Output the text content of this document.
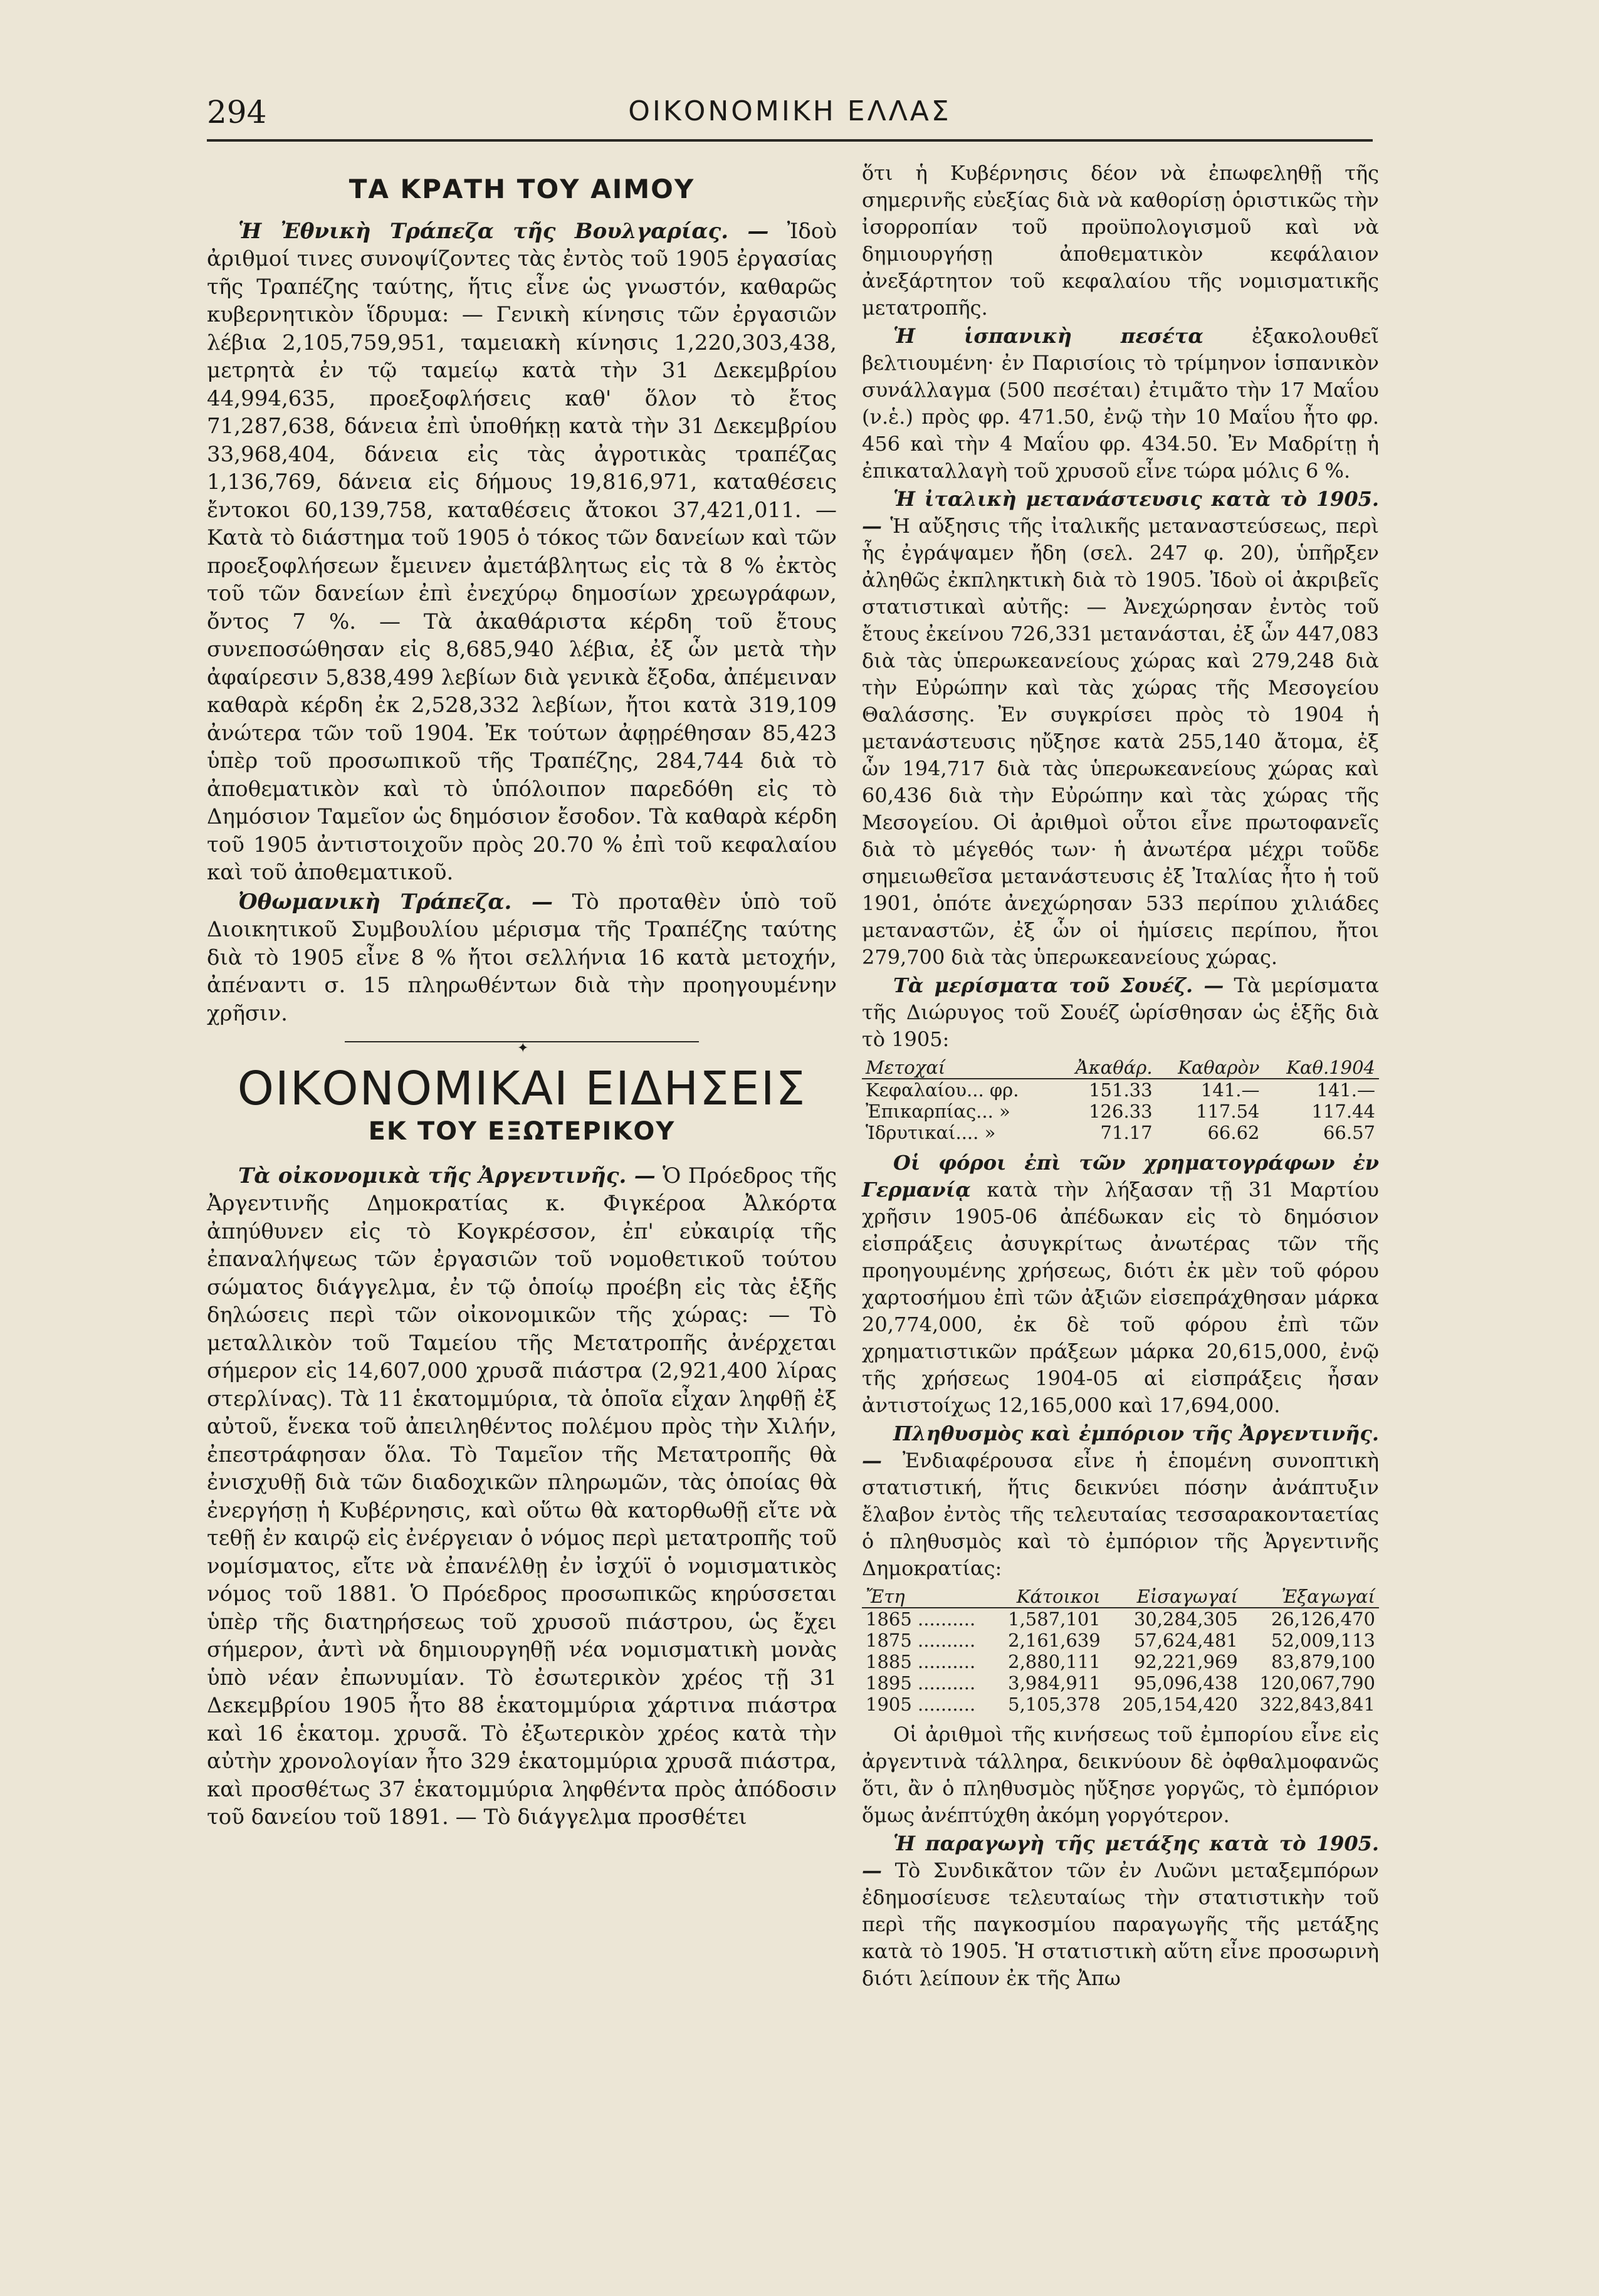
294	ΟΙΚΟΝΟΜΙΚΗ ΕΛΛΑΣ
ΤΑ ΚΡΑΤΗ ΤΟΥ ΑΙΜΟΥ

Ἡ Ἐθνικὴ Τράπεζα τῆς Βουλγαρίας. — Ἰδοὺ ἀριθμοί τινες συνοψίζοντες τὰς ἐντὸς τοῦ 1905 ἐργασίας τῆς Τραπέζης ταύτης, ἥτις εἶνε ὡς γνωστόν, καθαρῶς κυβερνητικὸν ἵδρυμα: — Γενικὴ κίνησις τῶν ἐργασιῶν λέβια 2,105,759,951, ταμειακὴ κίνησις 1,220,303,438, μετρητὰ ἐν τῷ ταμείῳ κατὰ τὴν 31 Δεκεμβρίου 44,994,635, προεξοφλήσεις καθ' ὅλον τὸ ἔτος 71,287,638, δάνεια ἐπὶ ὑποθήκῃ κατὰ τὴν 31 Δεκεμβρίου 33,968,404, δάνεια εἰς τὰς ἀγροτικὰς τραπέζας 1,136,769, δάνεια εἰς δήμους 19,816,971, καταθέσεις ἔντοκοι 60,139,758, καταθέσεις ἄτοκοι 37,421,011. — Κατὰ τὸ διάστημα τοῦ 1905 ὁ τόκος τῶν δανείων καὶ τῶν προεξοφλήσεων ἔμεινεν ἀμετάβλητως εἰς τὰ 8 % ἐκτὸς τοῦ τῶν δανείων ἐπὶ ἐνεχύρῳ δημοσίων χρεωγράφων, ὄντος 7 %. — Τὰ ἀκαθάριστα κέρδη τοῦ ἔτους συνεποσώθησαν εἰς 8,685,940 λέβια, ἐξ ὧν μετὰ τὴν ἀφαίρεσιν 5,838,499 λεβίων διὰ γενικὰ ἔξοδα, ἀπέμειναν καθαρὰ κέρδη ἐκ 2,528,332 λεβίων, ἤτοι κατὰ 319,109 ἀνώτερα τῶν τοῦ 1904. Ἐκ τούτων ἀφῃρέθησαν 85,423 ὑπὲρ τοῦ προσωπικοῦ τῆς Τραπέζης, 284,744 διὰ τὸ ἀποθεματικὸν καὶ τὸ ὑπόλοιπον παρεδόθη εἰς τὸ Δημόσιον Ταμεῖον ὡς δημόσιον ἔσοδον. Τὰ καθαρὰ κέρδη τοῦ 1905 ἀντιστοιχοῦν πρὸς 20.70 % ἐπὶ τοῦ κεφαλαίου καὶ τοῦ ἀποθεματικοῦ.

Ὀθωμανικὴ Τράπεζα. — Τὸ προταθὲν ὑπὸ τοῦ Διοικητικοῦ Συμβουλίου μέρισμα τῆς Τραπέζης ταύτης διὰ τὸ 1905 εἶνε 8 % ἤτοι σελλήνια 16 κατὰ μετοχήν, ἀπέναντι σ. 15 πληρωθέντων διὰ τὴν προηγουμένην χρῆσιν.

✦
ΟΙΚΟΝΟΜΙΚΑΙ ΕΙΔΗΣΕΙΣ
ΕΚ ΤΟΥ ΕΞΩΤΕΡΙΚΟΥ

Τὰ οἰκονομικὰ τῆς Ἀργεντινῆς. — Ὁ Πρόεδρος τῆς Ἀργεντινῆς Δημοκρατίας κ. Φιγκέροα Ἀλκόρτα ἀπηύθυνεν εἰς τὸ Κογκρέσσον, ἐπ' εὐκαιρίᾳ τῆς ἐπαναλήψεως τῶν ἐργασιῶν τοῦ νομοθετικοῦ τούτου σώματος διάγγελμα, ἐν τῷ ὁποίῳ προέβη εἰς τὰς ἑξῆς δηλώσεις περὶ τῶν οἰκονομικῶν τῆς χώρας: — Τὸ μεταλλικὸν τοῦ Ταμείου τῆς Μετατροπῆς ἀνέρχεται σήμερον εἰς 14,607,000 χρυσᾶ πιάστρα (2,921,400 λίρας στερλίνας). Τὰ 11 ἑκατομμύρια, τὰ ὁποῖα εἶχαν ληφθῇ ἐξ αὐτοῦ, ἕνεκα τοῦ ἀπειληθέντος πολέμου πρὸς τὴν Χιλήν, ἐπεστράφησαν ὅλα. Τὸ Ταμεῖον τῆς Μετατροπῆς θὰ ἐνισχυθῇ διὰ τῶν διαδοχικῶν πληρωμῶν, τὰς ὁποίας θὰ ἐνεργήσῃ ἡ Κυβέρνησις, καὶ οὕτω θὰ κατορθωθῇ εἴτε νὰ τεθῇ ἐν καιρῷ εἰς ἐνέργειαν ὁ νόμος περὶ μετατροπῆς τοῦ νομίσματος, εἴτε νὰ ἐπανέλθῃ ἐν ἰσχύϊ ὁ νομισματικὸς νόμος τοῦ 1881. Ὁ Πρόεδρος προσωπικῶς κηρύσσεται ὑπὲρ τῆς διατηρήσεως τοῦ χρυσοῦ πιάστρου, ὡς ἔχει σήμερον, ἀντὶ νὰ δημιουργηθῇ νέα νομισματικὴ μονὰς ὑπὸ νέαν ἐπωνυμίαν. Τὸ ἐσωτερικὸν χρέος τῇ 31 Δεκεμβρίου 1905 ἦτο 88 ἑκατομμύρια χάρτινα πιάστρα καὶ 16 ἑκατομ. χρυσᾶ. Τὸ ἐξωτερικὸν χρέος κατὰ τὴν αὐτὴν χρονολογίαν ἦτο 329 ἑκατομμύρια χρυσᾶ πιάστρα, καὶ προσθέτως 37 ἑκατομμύρια ληφθέντα πρὸς ἀπόδοσιν τοῦ δανείου τοῦ 1891. — Τὸ διάγγελμα προσθέτει

ὅτι ἡ Κυβέρνησις δέον νὰ ἐπωφεληθῇ τῆς σημερινῆς εὐεξίας διὰ νὰ καθορίσῃ ὁριστικῶς τὴν ἰσορροπίαν τοῦ προϋπολογισμοῦ καὶ νὰ δημιουργήσῃ ἀποθεματικὸν κεφάλαιον ἀνεξάρτητον τοῦ κεφαλαίου τῆς νομισματικῆς μετατροπῆς.

Ἡ ἱσπανικὴ πεσέτα ἐξακολουθεῖ βελτιουμένη· ἐν Παρισίοις τὸ τρίμηνον ἱσπανικὸν συνάλλαγμα (500 πεσέται) ἐτιμᾶτο τὴν 17 Μαΐου (ν.ἑ.) πρὸς φρ. 471.50, ἐνῷ τὴν 10 Μαΐου ἦτο φρ. 456 καὶ τὴν 4 Μαΐου φρ. 434.50. Ἐν Μαδρίτῃ ἡ ἐπικαταλλαγὴ τοῦ χρυσοῦ εἶνε τώρα μόλις 6 %.

Ἡ ἰταλικὴ μετανάστευσις κατὰ τὸ 1905. — Ἡ αὔξησις τῆς ἰταλικῆς μεταναστεύσεως, περὶ ἧς ἐγράψαμεν ἤδη (σελ. 247 φ. 20), ὑπῆρξεν ἀληθῶς ἐκπληκτικὴ διὰ τὸ 1905. Ἰδοὺ οἱ ἀκριβεῖς στατιστικαὶ αὐτῆς: — Ἀνεχώρησαν ἐντὸς τοῦ ἔτους ἐκείνου 726,331 μετανάσται, ἐξ ὧν 447,083 διὰ τὰς ὑπερωκεανείους χώρας καὶ 279,248 διὰ τὴν Εὐρώπην καὶ τὰς χώρας τῆς Μεσογείου Θαλάσσης. Ἐν συγκρίσει πρὸς τὸ 1904 ἡ μετανάστευσις ηὔξησε κατὰ 255,140 ἄτομα, ἐξ ὧν 194,717 διὰ τὰς ὑπερωκεανείους χώρας καὶ 60,436 διὰ τὴν Εὐρώπην καὶ τὰς χώρας τῆς Μεσογείου. Οἱ ἀριθμοὶ οὗτοι εἶνε πρωτοφανεῖς διὰ τὸ μέγεθός των· ἡ ἀνωτέρα μέχρι τοῦδε σημειωθεῖσα μετανάστευσις ἐξ Ἰταλίας ἦτο ἡ τοῦ 1901, ὁπότε ἀνεχώρησαν 533 περίπου χιλιάδες μεταναστῶν, ἐξ ὧν οἱ ἡμίσεις περίπου, ἤτοι 279,700 διὰ τὰς ὑπερωκεανείους χώρας.

Τὰ μερίσματα τοῦ Σουέζ. — Τὰ μερίσματα τῆς Διώρυγος τοῦ Σουέζ ὡρίσθησαν ὡς ἑξῆς διὰ τὸ 1905:

Μετοχαί	Ἀκαθάρ.	Καθαρὸν	Καθ.1904
Κεφαλαίου... φρ.	151.33	141.—	141.—
Ἐπικαρπίας... »	126.33	117.54	117.44
Ἱδρυτικαί.... »	71.17	66.62	66.57

Οἱ φόροι ἐπὶ τῶν χρηματογράφων ἐν Γερμανίᾳ κατὰ τὴν λήξασαν τῇ 31 Μαρτίου χρῆσιν 1905-06 ἀπέδωκαν εἰς τὸ δημόσιον εἰσπράξεις ἀσυγκρίτως ἀνωτέρας τῶν τῆς προηγουμένης χρήσεως, διότι ἐκ μὲν τοῦ φόρου χαρτοσήμου ἐπὶ τῶν ἀξιῶν εἰσεπράχθησαν μάρκα 20,774,000, ἐκ δὲ τοῦ φόρου ἐπὶ τῶν χρηματιστικῶν πράξεων μάρκα 20,615,000, ἐνῷ τῆς χρήσεως 1904-05 αἱ εἰσπράξεις ἦσαν ἀντιστοίχως 12,165,000 καὶ 17,694,000.

Πληθυσμὸς καὶ ἐμπόριον τῆς Ἀργεντινῆς. — Ἐνδιαφέρουσα εἶνε ἡ ἑπομένη συνοπτικὴ στατιστική, ἥτις δεικνύει πόσην ἀνάπτυξιν ἔλαβον ἐντὸς τῆς τελευταίας τεσσαρακονταετίας ὁ πληθυσμὸς καὶ τὸ ἐμπόριον τῆς Ἀργεντινῆς Δημοκρατίας:

Ἔτη	Κάτοικοι	Εἰσαγωγαί	Ἐξαγωγαί
1865 ..........	1,587,101	30,284,305	26,126,470
1875 ..........	2,161,639	57,624,481	52,009,113
1885 ..........	2,880,111	92,221,969	83,879,100
1895 ..........	3,984,911	95,096,438	120,067,790
1905 ..........	5,105,378	205,154,420	322,843,841

Οἱ ἀριθμοὶ τῆς κινήσεως τοῦ ἐμπορίου εἶνε εἰς ἀργεντινὰ τάλληρα, δεικνύουν δὲ ὀφθαλμοφανῶς ὅτι, ἂν ὁ πληθυσμὸς ηὔξησε γοργῶς, τὸ ἐμπόριον ὅμως ἀνέπτύχθη ἀκόμη γοργότερον.

Ἡ παραγωγὴ τῆς μετάξης κατὰ τὸ 1905. — Τὸ Συνδικᾶτον τῶν ἐν Λυῶνι μεταξεμπόρων ἐδημοσίευσε τελευταίως τὴν στατιστικὴν τοῦ περὶ τῆς παγκοσμίου παραγωγῆς τῆς μετάξης κατὰ τὸ 1905. Ἡ στατιστικὴ αὕτη εἶνε προσωρινὴ διότι λείπουν ἐκ τῆς Ἀπω
